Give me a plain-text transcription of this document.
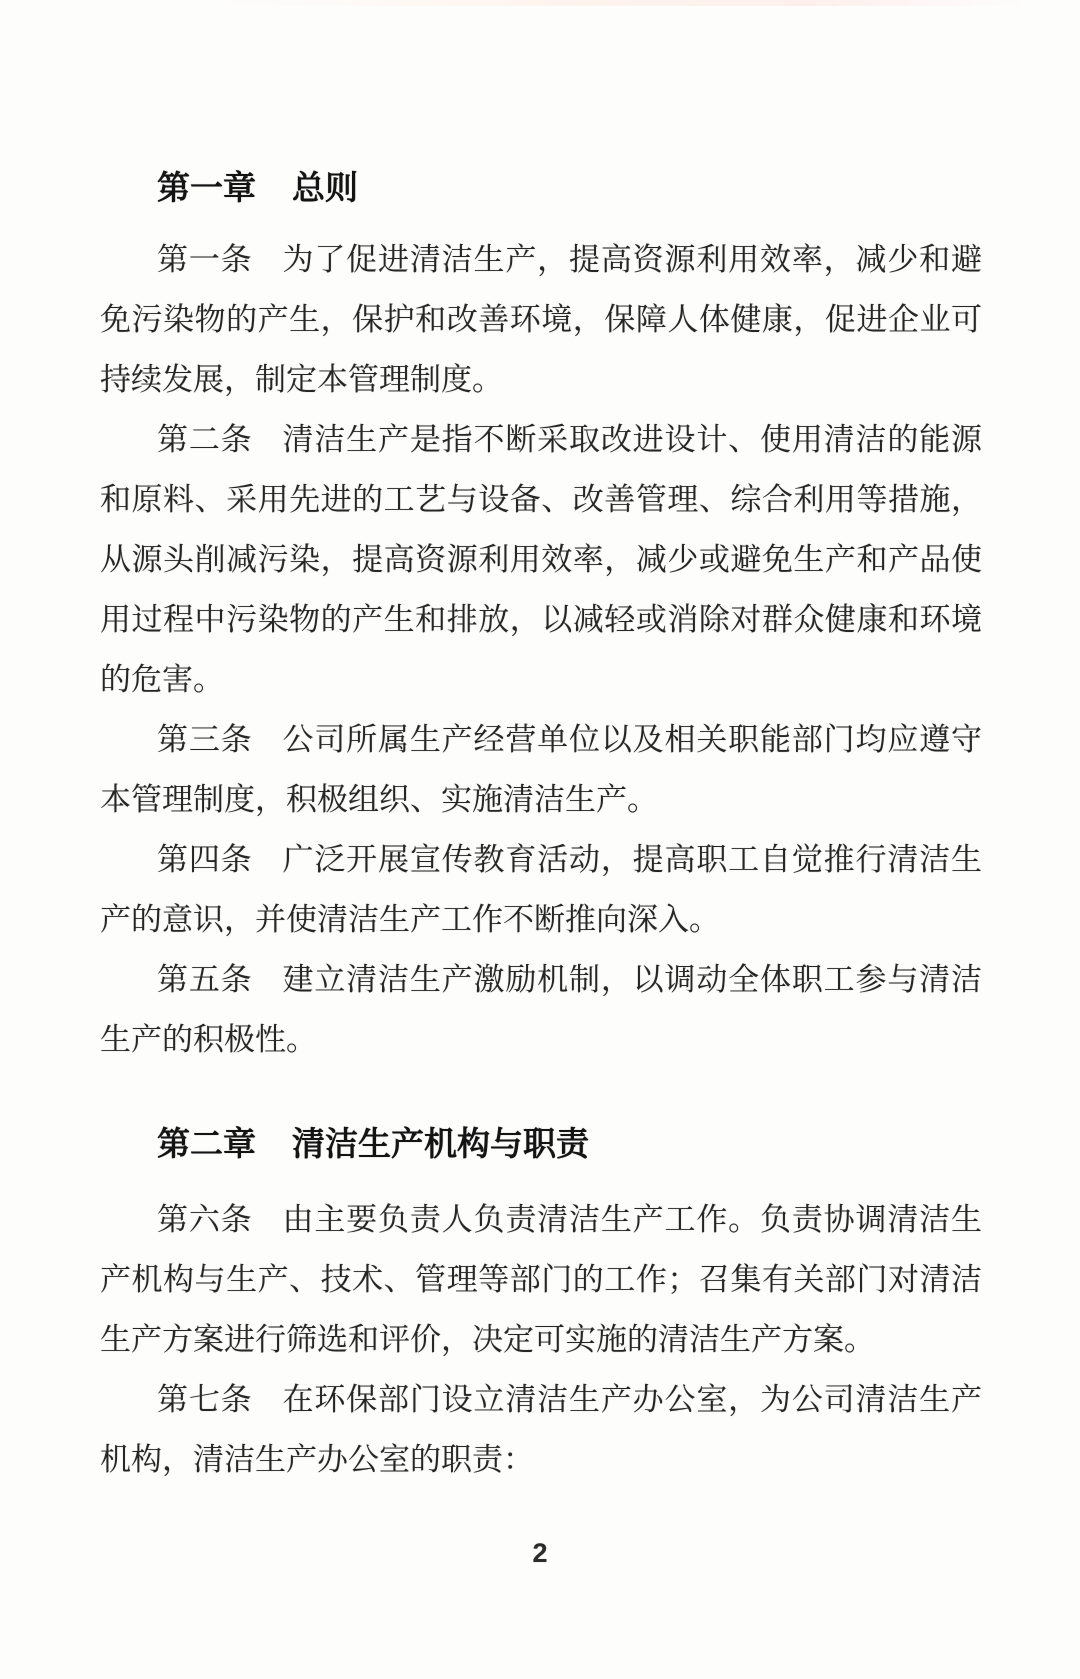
第一章 总则

第一条 为了促进清洁生产，提高资源利用效率，减少和避免污染物的产生，保护和改善环境，保障人体健康，促进企业可持续发展，制定本管理制度。

第二条 清洁生产是指不断采取改进设计、使用清洁的能源和原料、采用先进的工艺与设备、改善管理、综合利用等措施，从源头削减污染，提高资源利用效率，减少或避免生产和产品使用过程中污染物的产生和排放，以减轻或消除对群众健康和环境的危害。

第三条 公司所属生产经营单位以及相关职能部门均应遵守本管理制度，积极组织、实施清洁生产。

第四条 广泛开展宣传教育活动，提高职工自觉推行清洁生产的意识，并使清洁生产工作不断推向深入。

第五条 建立清洁生产激励机制，以调动全体职工参与清洁生产的积极性。

第二章 清洁生产机构与职责

第六条 由主要负责人负责清洁生产工作。负责协调清洁生产机构与生产、技术、管理等部门的工作；召集有关部门对清洁生产方案进行筛选和评价，决定可实施的清洁生产方案。

第七条 在环保部门设立清洁生产办公室，为公司清洁生产机构，清洁生产办公室的职责：

2
